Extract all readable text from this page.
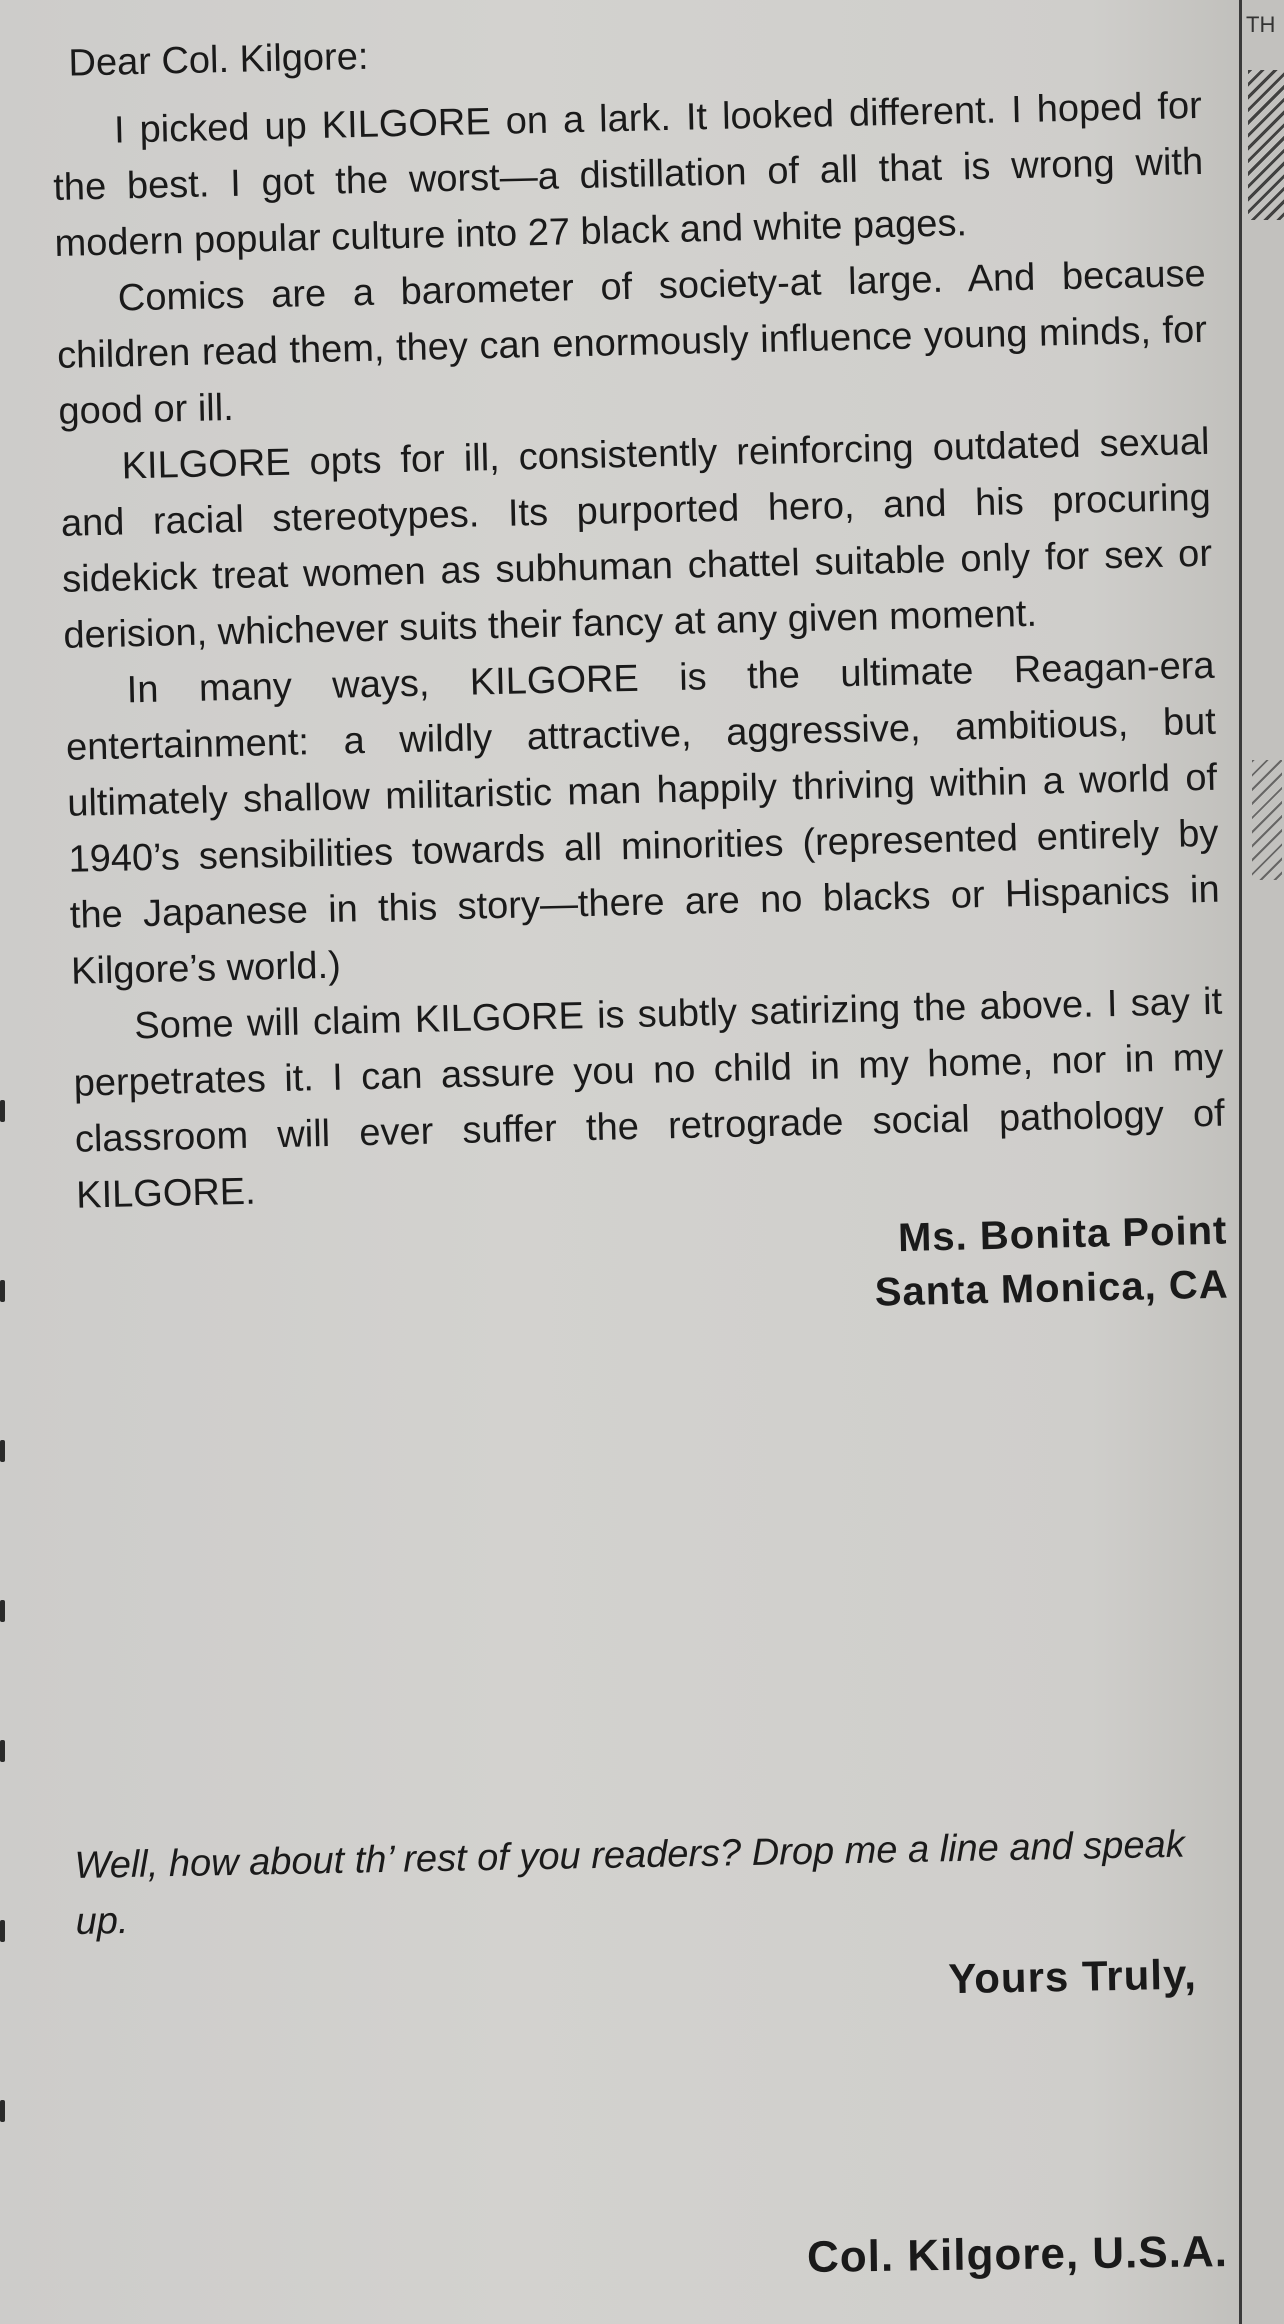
TH
Dear Col. Kilgore:

I picked up KILGORE on a lark. It looked different. I hoped for the best. I got the worst—a distillation of all that is wrong with modern popular culture into 27 black and white pages.

Comics are a barometer of society-at large. And because children read them, they can enormously influence young minds, for good or ill.

KILGORE opts for ill, consistently reinforcing outdated sexual and racial stereotypes. Its purported hero, and his procuring sidekick treat women as subhuman chattel suitable only for sex or derision, whichever suits their fancy at any given moment.

In many ways, KILGORE is the ultimate Reagan-era entertainment: a wildly attractive, aggressive, ambitious, but ultimately shallow militaristic man happily thriving within a world of 1940’s sensibilities towards all minorities (represented entirely by the Japanese in this story—there are no blacks or Hispanics in Kilgore’s world.)

Some will claim KILGORE is subtly satirizing the above. I say it perpetrates it. I can assure you no child in my home, nor in my classroom will ever suffer the retrograde social pathology of KILGORE.

Ms. Bonita Point
Santa Monica, CA

Well, how about th’ rest of you readers? Drop me a line and speak up.

Yours Truly,
Col. Kilgore, U.S.A.
